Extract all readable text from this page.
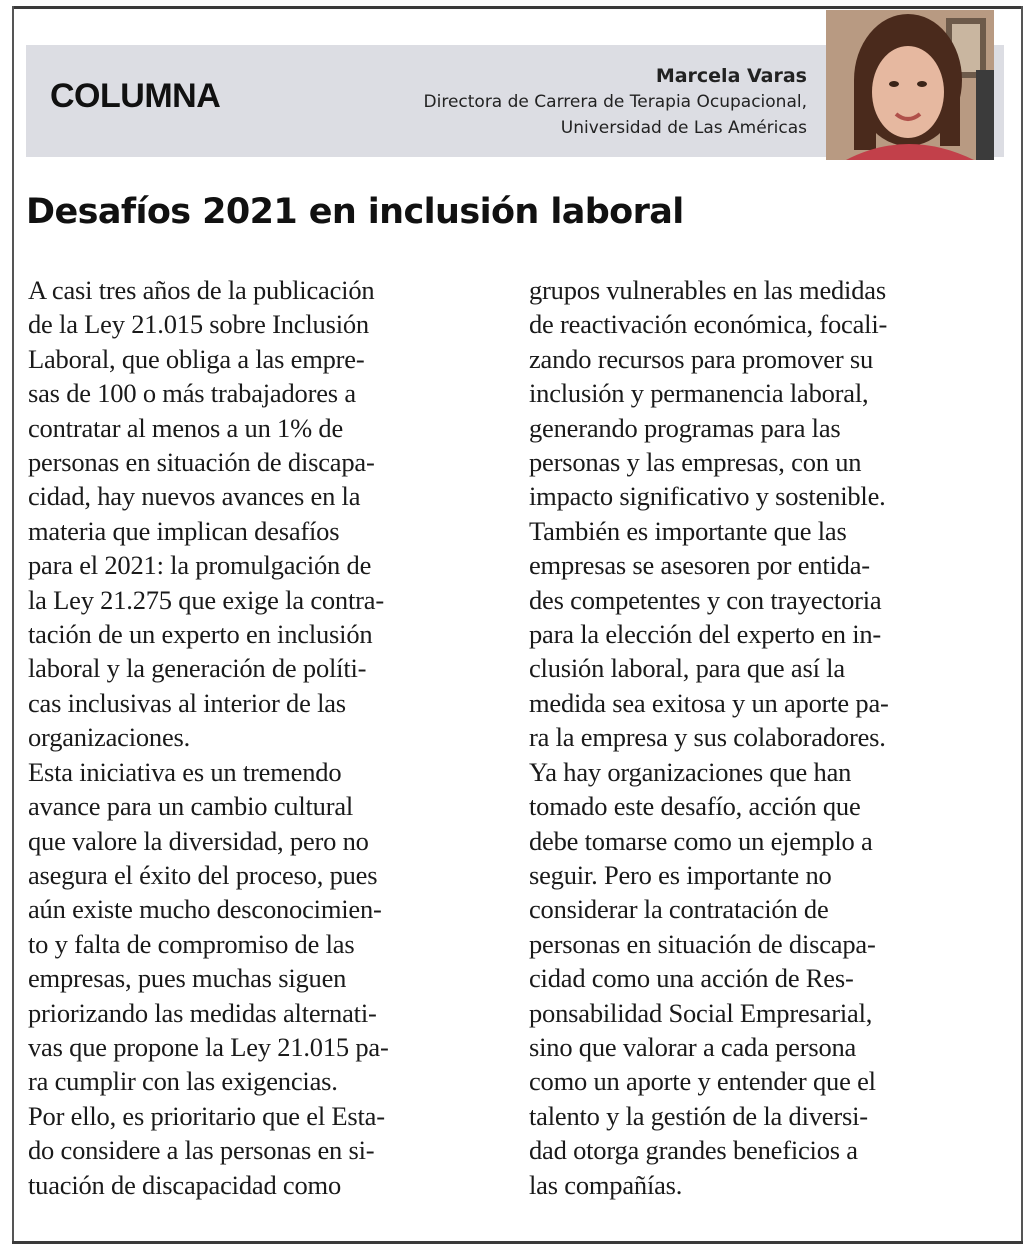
COLUMNA
Marcela Varas
Directora de Carrera de Terapia Ocupacional,
Universidad de Las Américas
Desafíos 2021 en inclusión laboral
A casi tres años de la publicación
de la Ley 21.015 sobre Inclusión
Laboral, que obliga a las empre-
sas de 100 o más trabajadores a
contratar al menos a un 1% de
personas en situación de discapa-
cidad, hay nuevos avances en la
materia que implican desafíos
para el 2021: la promulgación de
la Ley 21.275 que exige la contra-
tación de un experto en inclusión
laboral y la generación de políti-
cas inclusivas al interior de las
organizaciones.
Esta iniciativa es un tremendo
avance para un cambio cultural
que valore la diversidad, pero no
asegura el éxito del proceso, pues
aún existe mucho desconocimien-
to y falta de compromiso de las
empresas, pues muchas siguen
priorizando las medidas alternati-
vas que propone la Ley 21.015 pa-
ra cumplir con las exigencias.
Por ello, es prioritario que el Esta-
do considere a las personas en si-
tuación de discapacidad como
grupos vulnerables en las medidas
de reactivación económica, focali-
zando recursos para promover su
inclusión y permanencia laboral,
generando programas para las
personas y las empresas, con un
impacto significativo y sostenible.
También es importante que las
empresas se asesoren por entida-
des competentes y con trayectoria
para la elección del experto en in-
clusión laboral, para que así la
medida sea exitosa y un aporte pa-
ra la empresa y sus colaboradores.
Ya hay organizaciones que han
tomado este desafío, acción que
debe tomarse como un ejemplo a
seguir. Pero es importante no
considerar la contratación de
personas en situación de discapa-
cidad como una acción de Res-
ponsabilidad Social Empresarial,
sino que valorar a cada persona
como un aporte y entender que el
talento y la gestión de la diversi-
dad otorga grandes beneficios a
las compañías.
